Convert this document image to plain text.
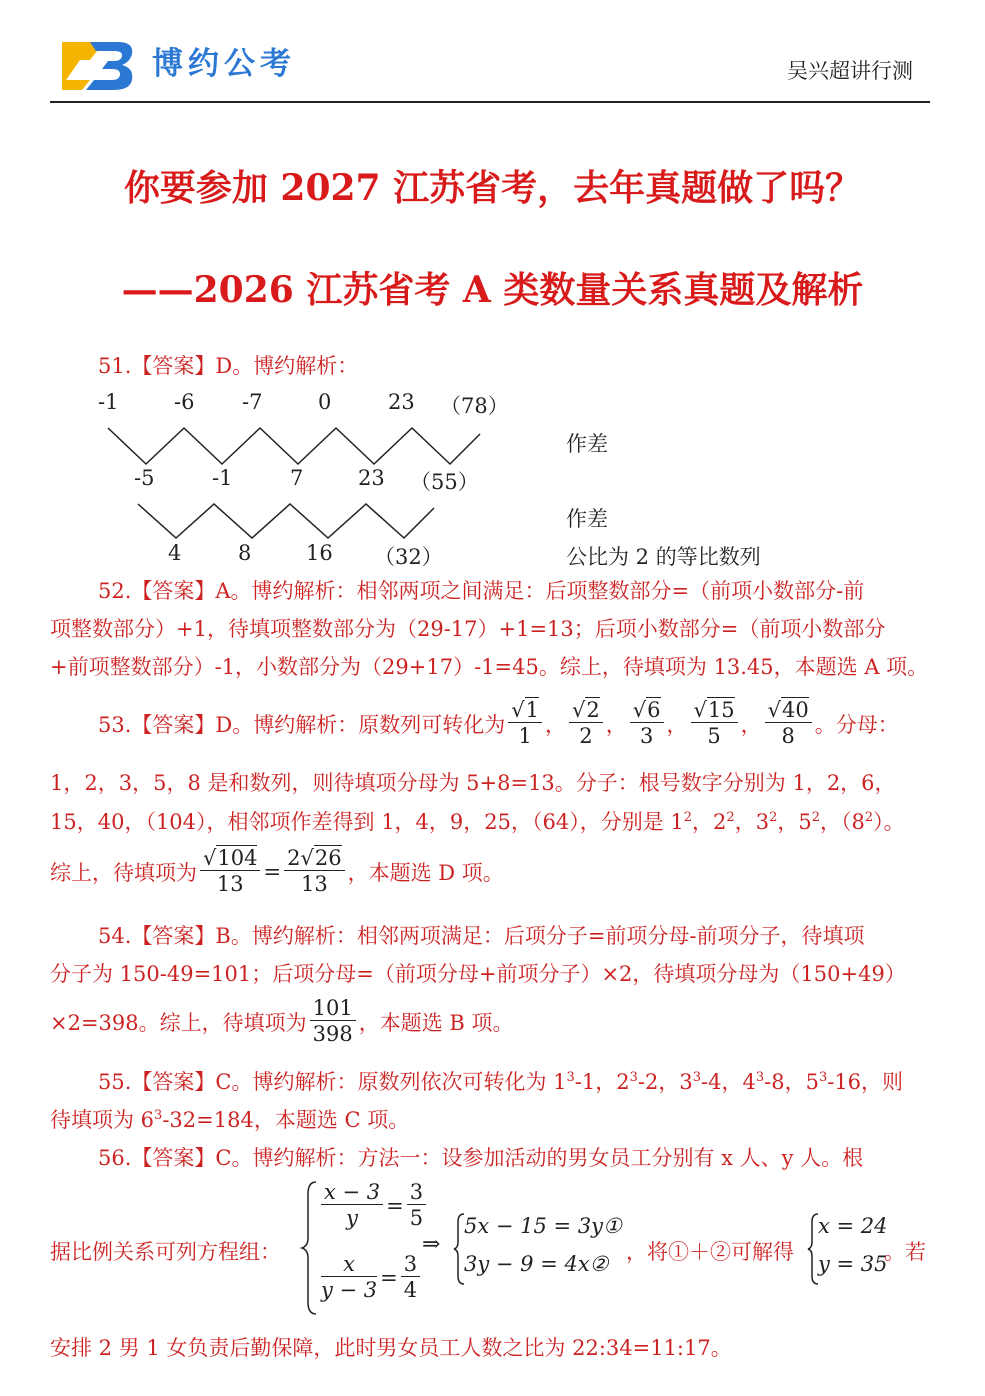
博约公考	吴兴超讲行测
你要参加 2027 江苏省考，去年真题做了吗？
——2026 江苏省考 A 类数量关系真题及解析
51.【答案】D。博约解析：
-1	-6 -7	0	23 （78）
-5	-1	7	23 （55）
4	8	16 （32）
作差
作差
公比为 2 的等比数列
52.【答案】A。博约解析：相邻两项之间满足：后项整数部分=（前项小数部分-前
项整数部分）+1，待填项整数部分为（29-17）+1=13；后项小数部分=（前项小数部分
+前项整数部分）-1，小数部分为（29+17）-1=45。综上，待填项为 13.45，本题选 A 项。
53.【答案】D。博约解析：原数列可转化为 $\frac{√1}{1}$ ， $\frac{√2}{2}$ ， $\frac{√6}{3}$ ， $\frac{√15}{5}$ ， $\frac{√40}{8}$ 。分母：
1，2，3，5，8 是和数列，则待填项分母为 5+8=13。分子：根号数字分别为 1，2，6，
15，40，（104），相邻项作差得到 1，4，9，25，（64），分别是 $1^2$，$2^2$，$3^2$，$5^2$，$(8^2)$。
综上，待填项为 $\frac{√104}{13} = \frac{2√26}{13}$ ，本题选 D 项。
54.【答案】B。博约解析：相邻两项满足：后项分子=前项分母-前项分子，待填项
分子为 150-49=101；后项分母=（前项分母+前项分子）×2，待填项分母为（150+49）
×2=398。综上，待填项为 $\frac{101}{398}$ ，本题选 B 项。
55.【答案】C。博约解析：原数列依次可转化为 $1^3-1$，$2^3-2$，$3^3-4$，$4^3-8$，$5^3-16$，则
待填项为 $6^3-32=184$，本题选 C 项。
56.【答案】C。博约解析：方法一：设参加活动的男女员工分别有 x 人、y 人。根
据比例关系可列方程组：
$\frac{x - 3}{y} = \frac{3}{5}$
$\frac{x}{y - 3} = \frac{3}{4}$
⇒
5x − 15 = 3y①
3y − 9 = 4x② ，将①＋②可解得
x = 24
y = 35
。若
安排 2 男 1 女负责后勤保障，此时男女员工人数之比为 22:34=11:17。
